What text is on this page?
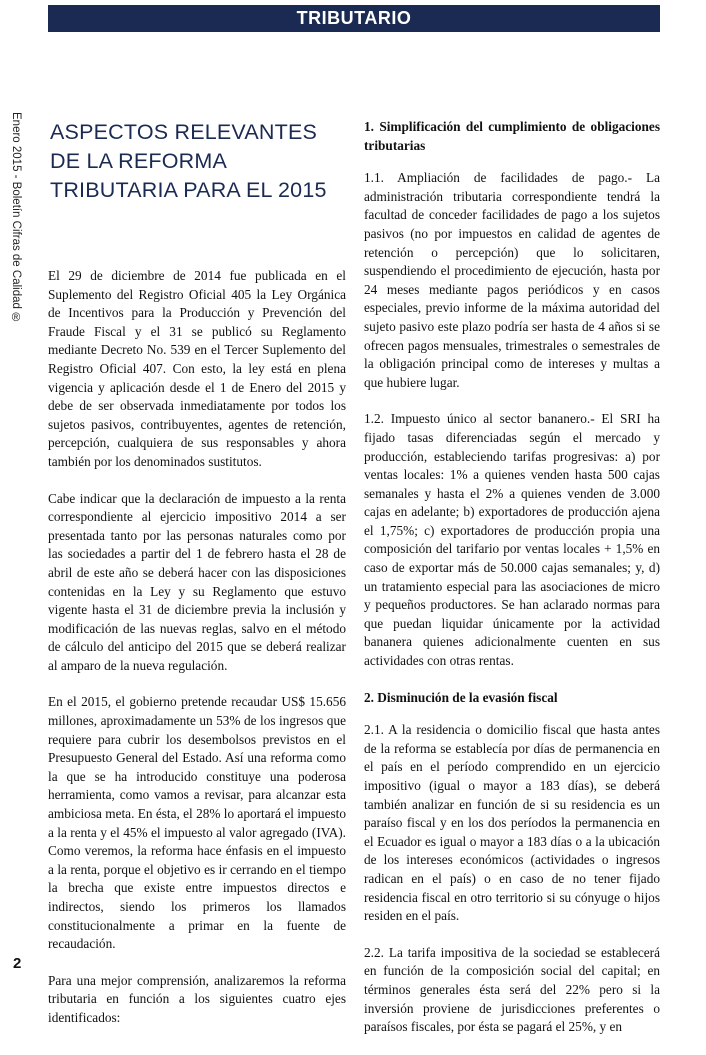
TRIBUTARIO
Enero 2015 - Boletín Cifras de Calidad ® ASPECTOS RELEVANTES DE LA REFORMA TRIBUTARIA PARA EL 2015

El 29 de diciembre de 2014 fue publicada en el Suplemento del Registro Oficial 405 la Ley Orgánica de Incentivos para la Producción y Prevención del Fraude Fiscal y el 31 se publicó su Reglamento mediante Decreto No. 539 en el Tercer Suplemento del Registro Oficial 407. Con esto, la ley está en plena vigencia y aplicación desde el 1 de Enero del 2015 y debe de ser observada inmediatamente por todos los sujetos pasivos, contribuyentes, agentes de retención, percepción, cualquiera de sus responsables y ahora también por los denominados sustitutos.

Cabe indicar que la declaración de impuesto a la renta correspondiente al ejercicio impositivo 2014 a ser presentada tanto por las personas naturales como por las sociedades a partir del 1 de febrero hasta el 28 de abril de este año se deberá hacer con las disposiciones contenidas en la Ley y su Reglamento que estuvo vigente hasta el 31 de diciembre previa la inclusión y modificación de las nuevas reglas, salvo en el método de cálculo del anticipo del 2015 que se deberá realizar al amparo de la nueva regulación.

En el 2015, el gobierno pretende recaudar US$ 15.656 millones, aproximadamente un 53% de los ingresos que requiere para cubrir los desembolsos previstos en el Presupuesto General del Estado. Así una reforma como la que se ha introducido constituye una poderosa herramienta, como vamos a revisar, para alcanzar esta ambiciosa meta. En ésta, el 28% lo aportará el impuesto a la renta y el 45% el impuesto al valor agregado (IVA). Como veremos, la reforma hace énfasis en el impuesto a la renta, porque el objetivo es ir cerrando en el tiempo la brecha que existe entre impuestos directos e indirectos, siendo los primeros los llamados constitucionalmente a primar en la fuente de recaudación.

Para una mejor comprensión, analizaremos la reforma tributaria en función a los siguientes cuatro ejes identificados:

1. Simplificación del cumplimiento de obligaciones tributarias

1.1. Ampliación de facilidades de pago.- La administración tributaria correspondiente tendrá la facultad de conceder facilidades de pago a los sujetos pasivos (no por impuestos en calidad de agentes de retención o percepción) que lo solicitaren, suspendiendo el procedimiento de ejecución, hasta por 24 meses mediante pagos periódicos y en casos especiales, previo informe de la máxima autoridad del sujeto pasivo este plazo podría ser hasta de 4 años si se ofrecen pagos mensuales, trimestrales o semestrales de la obligación principal como de intereses y multas a que hubiere lugar.

1.2. Impuesto único al sector bananero.- El SRI ha fijado tasas diferenciadas según el mercado y producción, estableciendo tarifas progresivas: a) por ventas locales: 1% a quienes venden hasta 500 cajas semanales y hasta el 2% a quienes venden de 3.000 cajas en adelante; b) exportadores de producción ajena el 1,75%; c) exportadores de producción propia una composición del tarifario por ventas locales + 1,5% en caso de exportar más de 50.000 cajas semanales; y, d) un tratamiento especial para las asociaciones de micro y pequeños productores. Se han aclarado normas para que puedan liquidar únicamente por la actividad bananera quienes adicionalmente cuenten en sus actividades con otras rentas.

2. Disminución de la evasión fiscal

2.1. A la residencia o domicilio fiscal que hasta antes de la reforma se establecía por días de permanencia en el país en el período comprendido en un ejercicio impositivo (igual o mayor a 183 días), se deberá también analizar en función de si su residencia es un paraíso fiscal y en los dos períodos la permanencia en el Ecuador es igual o mayor a 183 días o a la ubicación de los intereses económicos (actividades o ingresos radican en el país) o en caso de no tener fijado residencia fiscal en otro territorio si su cónyuge o hijos residen en el país.

2.2. La tarifa impositiva de la sociedad se establecerá en función de la composición social del capital; en términos generales ésta será del 22% pero si la inversión proviene de jurisdicciones preferentes o paraísos fiscales, por ésta se pagará el 25%, y en

2
